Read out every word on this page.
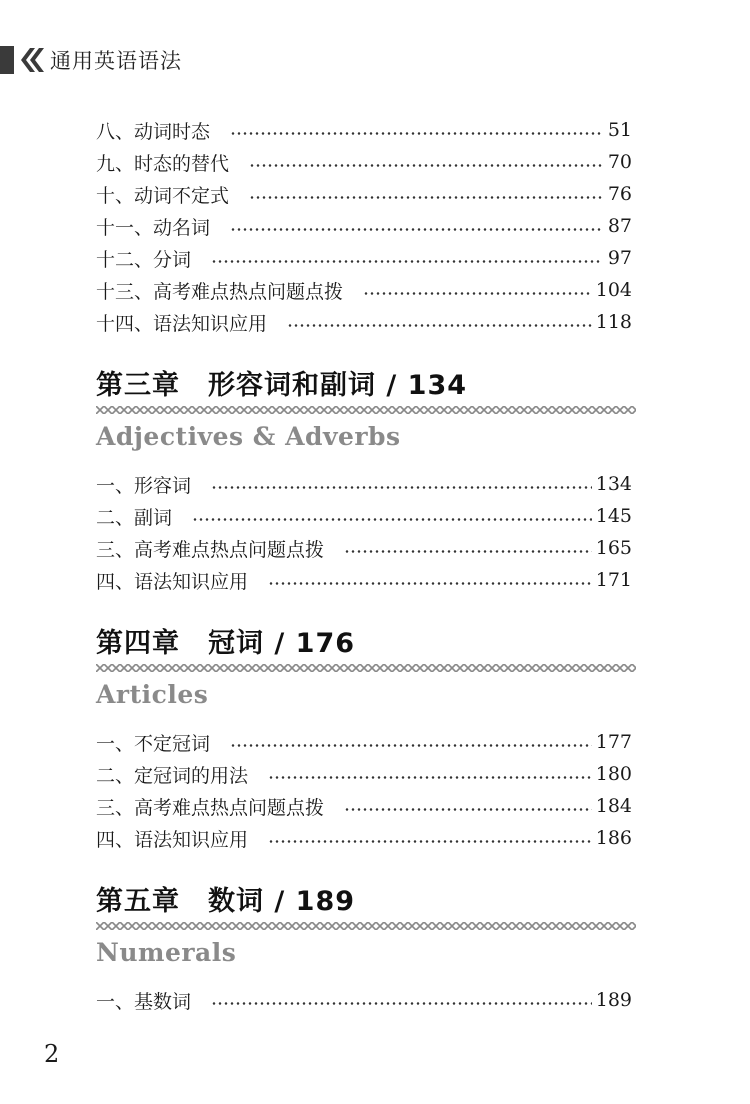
通用英语语法
八、动词时态	51
九、时态的替代	70
十、动词不定式	76
十一、动名词	87
十二、分词	97
十三、高考难点热点问题点拨	104
十四、语法知识应用	118
第三章 形容词和副词 / 134
Adjectives & Adverbs
一、形容词	134
二、副词	145
三、高考难点热点问题点拨	165
四、语法知识应用	171
第四章 冠词 / 176
Articles
一、不定冠词	177
二、定冠词的用法	180
三、高考难点热点问题点拨	184
四、语法知识应用	186
第五章 数词 / 189
Numerals
一、基数词	189
2
